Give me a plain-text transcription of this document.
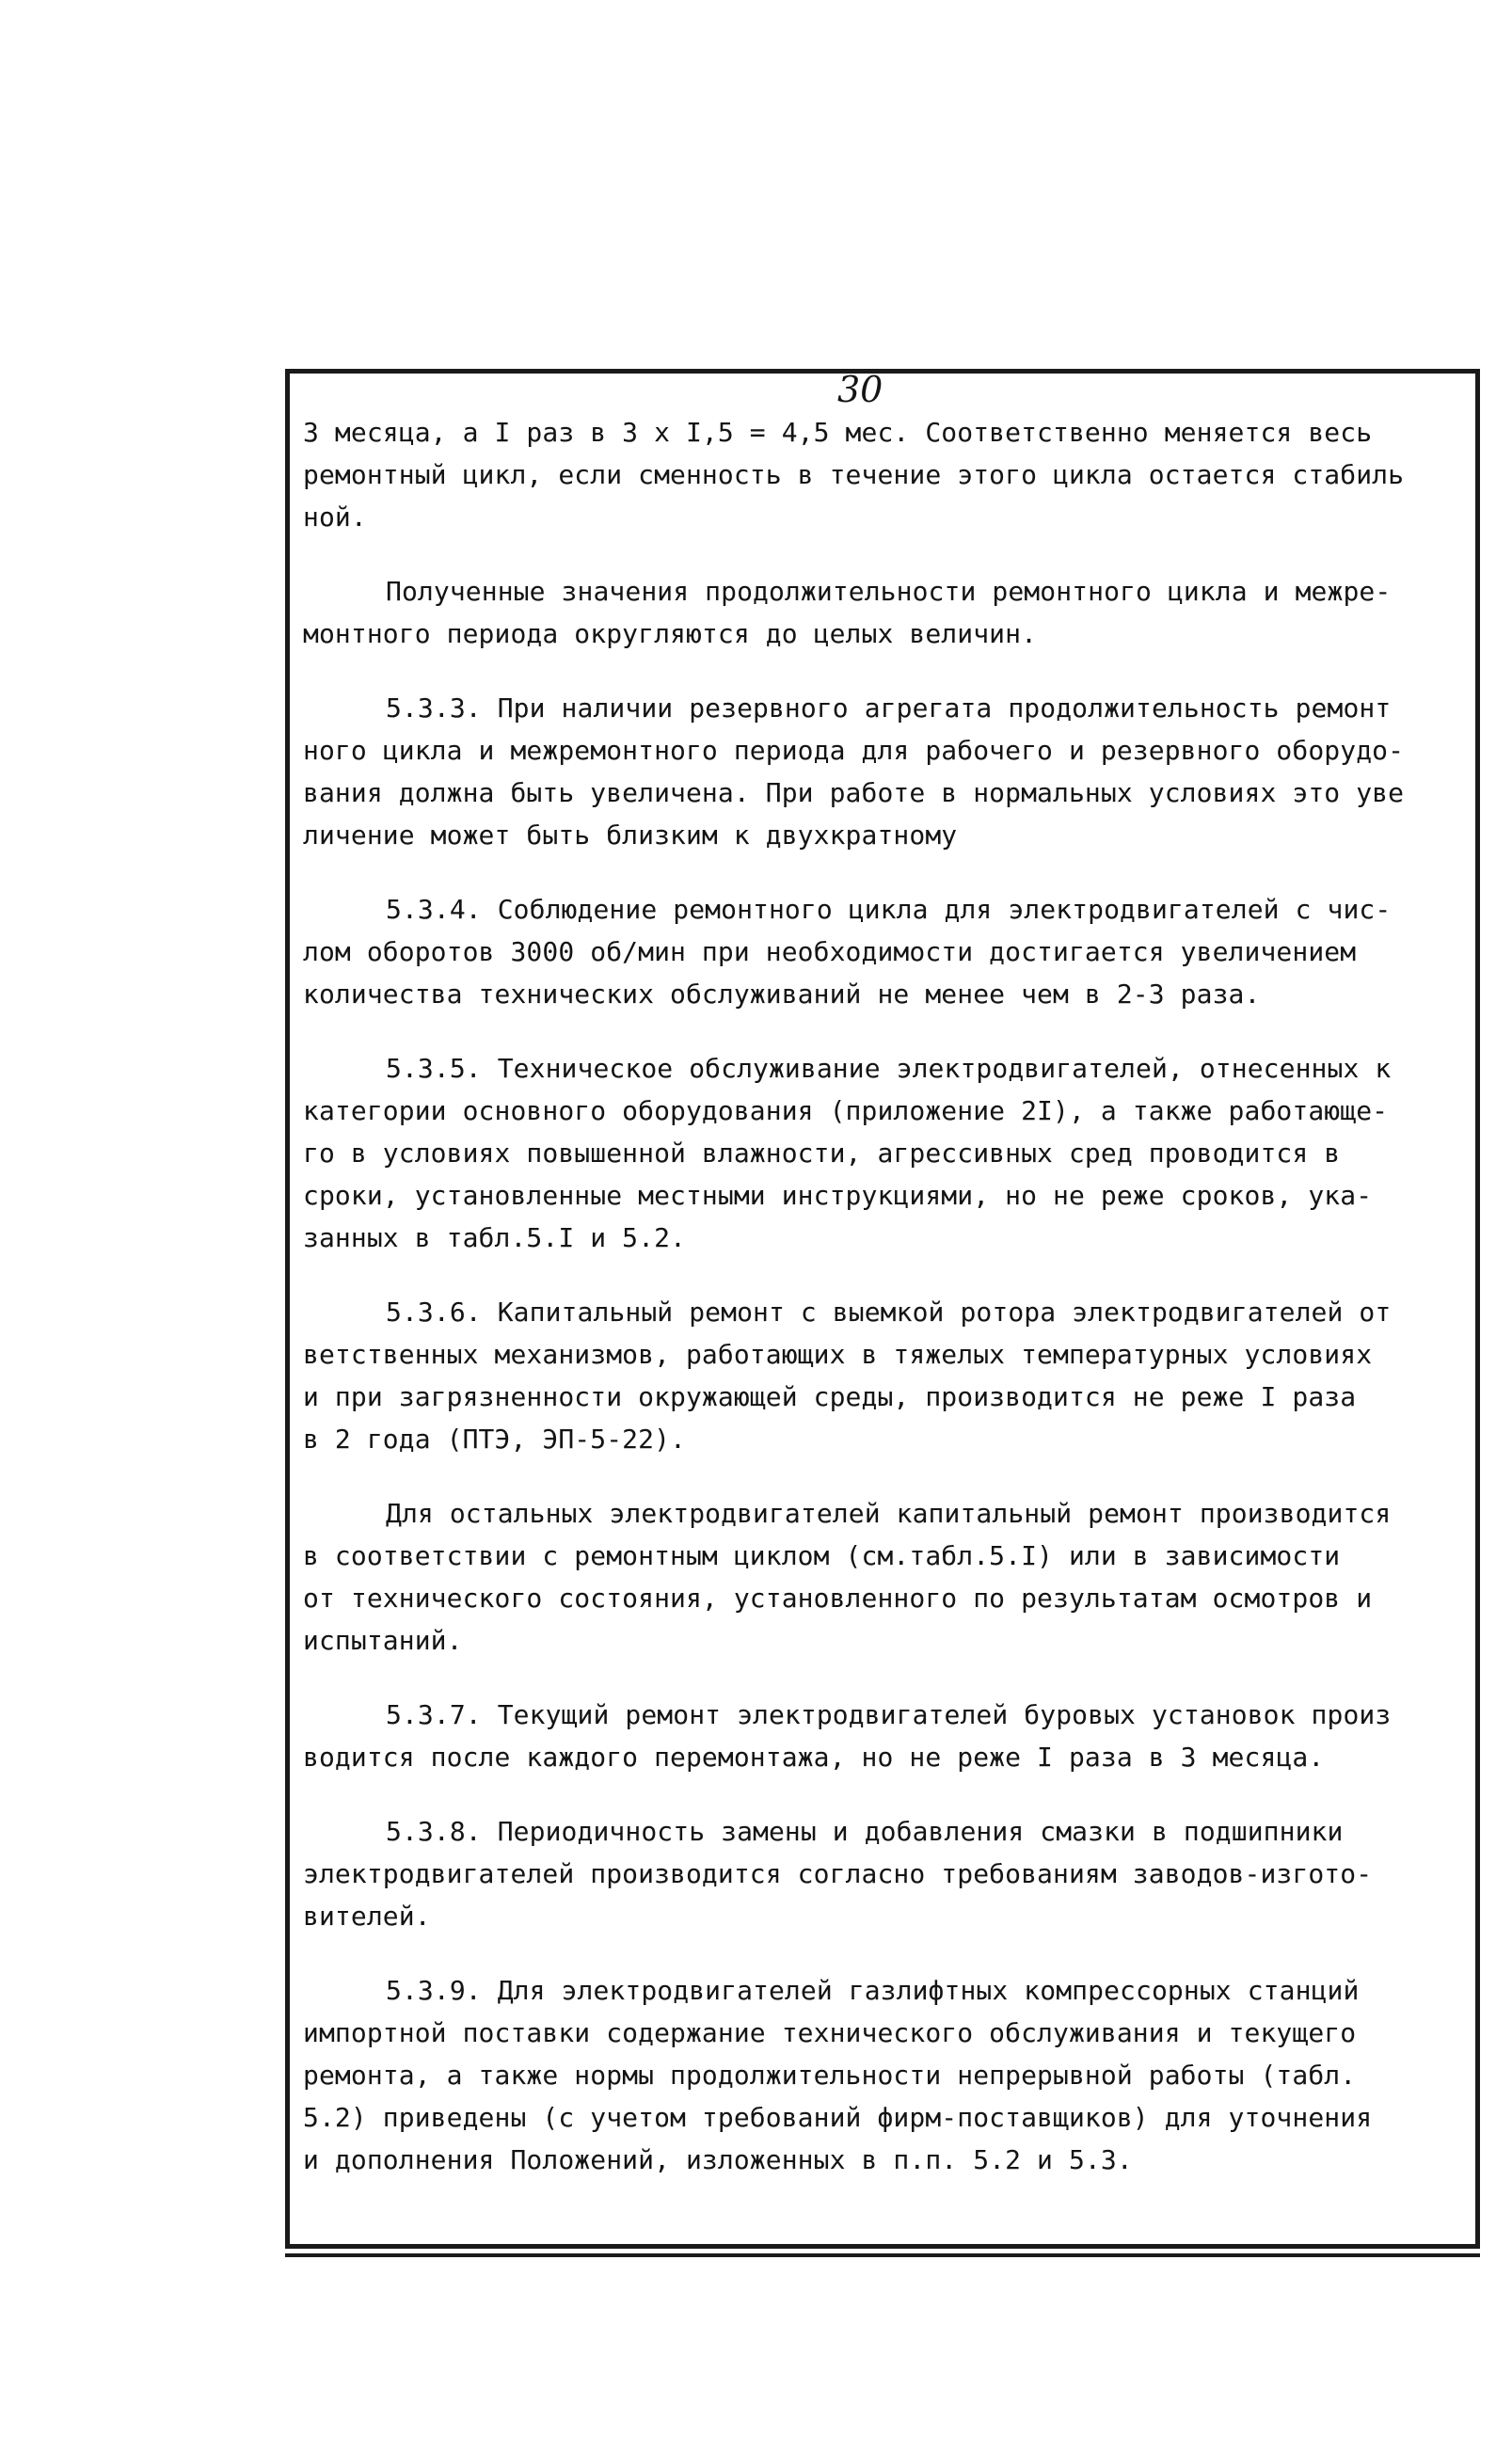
30
3 месяца, а I раз в 3 х I,5 = 4,5 мес. Соответственно меняется весь
ремонтный цикл, если сменность в течение этого цикла остается стабиль
ной.
Полученные значения продолжительности ремонтного цикла и межре-
монтного периода округляются до целых величин.
5.3.3. При наличии резервного агрегата продолжительность ремонт
ного цикла и межремонтного периода для рабочего и резервного оборудо-
вания должна быть увеличена. При работе в нормальных условиях это уве
личение может быть близким к двухкратному
5.3.4. Соблюдение ремонтного цикла для электродвигателей с чис-
лом оборотов 3000 об/мин при необходимости достигается увеличением
количества технических обслуживаний не менее чем в 2-3 раза.
5.3.5. Техническое обслуживание электродвигателей, отнесенных к
категории основного оборудования (приложение 2I), а также работающе-
го в условиях повышенной влажности, агрессивных сред проводится в
сроки, установленные местными инструкциями, но не реже сроков, ука-
занных в табл.5.I и 5.2.
5.3.6. Капитальный ремонт с выемкой ротора электродвигателей от
ветственных механизмов, работающих в тяжелых температурных условиях
и при загрязненности окружающей среды, производится не реже I раза
в 2 года (ПТЭ, ЭП-5-22).
Для остальных электродвигателей капитальный ремонт производится
в соответствии с ремонтным циклом (см.табл.5.I) или в зависимости
от технического состояния, установленного по результатам осмотров и
испытаний.
5.3.7. Текущий ремонт электродвигателей буровых установок произ
водится после каждого перемонтажа, но не реже I раза в 3 месяца.
5.3.8. Периодичность замены и добавления смазки в подшипники
электродвигателей производится согласно требованиям заводов-изгото-
вителей.
5.3.9. Для электродвигателей газлифтных компрессорных станций
импортной поставки содержание технического обслуживания и текущего
ремонта, а также нормы продолжительности непрерывной работы (табл.
5.2) приведены (с учетом требований фирм-поставщиков) для уточнения
и дополнения Положений, изложенных в п.п. 5.2 и 5.3.
